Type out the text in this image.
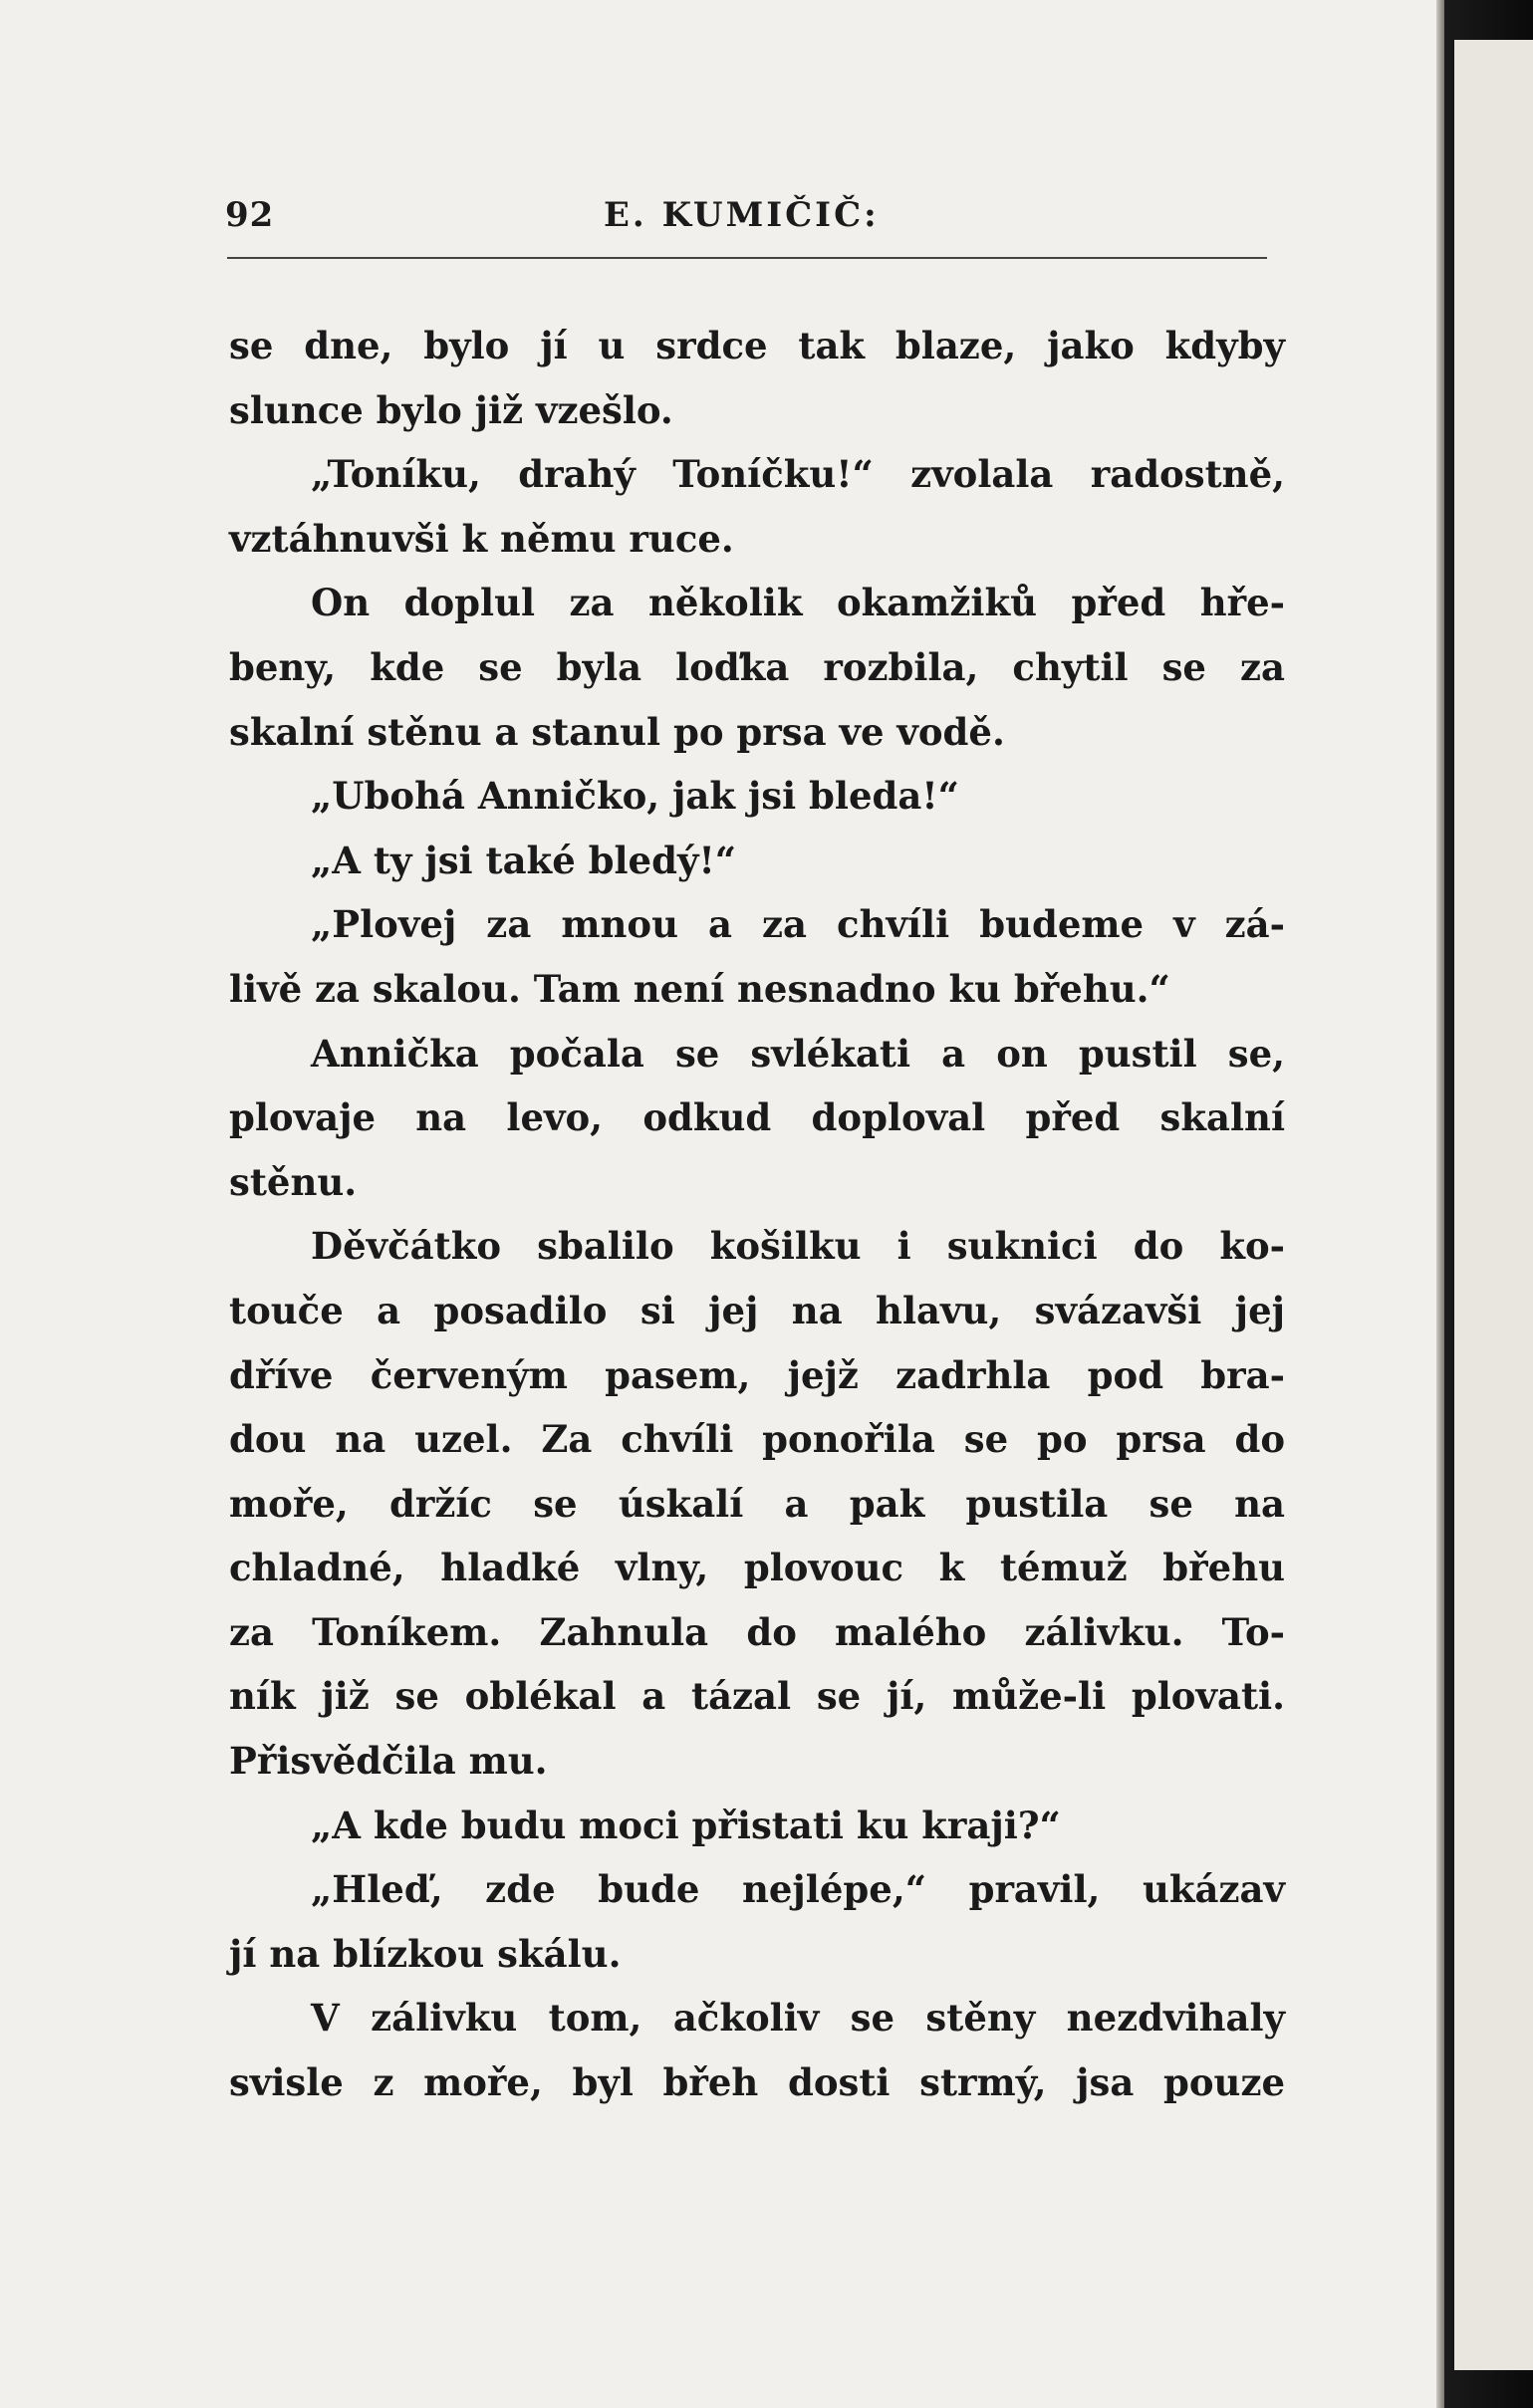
92	E. KUMIČIČ:
se dne, bylo jí u srdce tak blaze, jako kdyby
slunce bylo již vzešlo.
„Toníku, drahý Toníčku!“ zvolala radostně,
vztáhnuvši k němu ruce.
On doplul za několik okamžiků před hře-
beny, kde se byla loďka rozbila, chytil se za
skalní stěnu a stanul po prsa ve vodě.
„Ubohá Anničko, jak jsi bleda!“
„A ty jsi také bledý!“
„Plovej za mnou a za chvíli budeme v zá-
livě za skalou. Tam není nesnadno ku břehu.“
Annička počala se svlékati a on pustil se,
plovaje na levo, odkud doploval před skalní
stěnu.
Děvčátko sbalilo košilku i suknici do ko-
touče a posadilo si jej na hlavu, svázavši jej
dříve červeným pasem, jejž zadrhla pod bra-
dou na uzel. Za chvíli ponořila se po prsa do
moře, držíc se úskalí a pak pustila se na
chladné, hladké vlny, plovouc k témuž břehu
za Toníkem. Zahnula do malého zálivku. To-
ník již se oblékal a tázal se jí, může-li plovati.
Přisvědčila mu.
„A kde budu moci přistati ku kraji?“
„Hleď, zde bude nejlépe,“ pravil, ukázav
jí na blízkou skálu.
V zálivku tom, ačkoliv se stěny nezdvihaly
svisle z moře, byl břeh dosti strmý, jsa pouze
